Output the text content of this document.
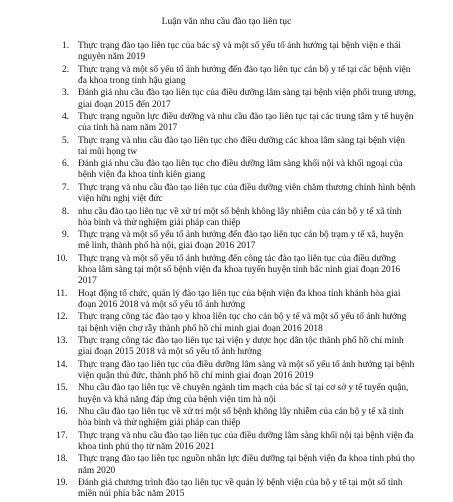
Luận văn nhu cầu đào tạo liên tục
1. Thực trạng đào tạo liên tục của bác sỹ và một số yếu tố ảnh hưởng tại bệnh viện e thái nguyên năm 2019
2. Thực trạng và một số yếu tố ảnh hưởng đến đào tạo liên tục cán bộ y tế tại các bệnh viện đa khoa trong tỉnh hậu giang
3. Đánh giá nhu cầu đào tạo liên tục của điều dưỡng lâm sàng tại bệnh viện phổi trung ương, giai đoạn 2015 đến 2017
4. Thực trạng nguồn lực điều dưỡng và nhu cầu đào tạo liên tục tại các trung tâm y tế huyện của tỉnh hà nam năm 2017
5. Thực trạng và nhu cầu đào tạo liên tục cho điều dưỡng các khoa lâm sàng tại bệnh viện tai mũi họng tw
6. Đánh giá nhu cầu đào tạo liên tục cho điều dưỡng lâm sàng khối nội và khối ngoại của bệnh viện đa khoa tỉnh kiên giang
7. Thực trạng và nhu cầu đào tạo liên tục của điều dưỡng viên chăm thương chỉnh hình bệnh viện hữu nghị việt đức
8. nhu cầu đào tạo liên tục về xử trí một số bệnh không lây nhiễm của cán bộ y tế xã tỉnh hòa bình và thử nghiệm giải pháp can thiệp
9. Thực trạng và một số yếu tố ảnh hưởng đến đào tạo liên tục cán bộ trạm y tế xã, huyện mê linh, thành phố hà nội, giai đoạn 2016 2017
10.	Thực trạng và một số yếu tố ảnh hưởng đến công tác đào tạo liên tục của điều dưỡng khoa lâm sàng tại một số bệnh viện đa khoa tuyến huyện tỉnh bắc ninh giai đoạn 2016 2017
11.	Hoạt động tổ chức, quản lý đào tạo liên tục của bệnh viện đa khoa tỉnh khánh hòa giai đoạn 2016 2018 và một số yếu tố ảnh hưởng
12.	Thực trạng công tác đào tạo y khoa liên tục cho cán bộ y tế và một số yếu tố ảnh hưởng tại bệnh viện chợ rẫy thành phố hồ chí minh giai đoạn 2016 2018
13.	Thực trạng công tác đào tạo liên tục tại viện y dược học dân tộc thành phố hồ chí minh giai đoạn 2015 2018 và một số yếu tố ảnh hưởng
14.	Thực trạng đào tạo liên tục của điều dưỡng lâm sàng và một số yếu tố ảnh hưởng tại bệnh viện quận thủ đức, thành phố hồ chí minh giai đoạn 2016 2019
15.	Nhu cầu đào tạo liên tục về chuyên ngành tim mạch của bác sĩ tại cơ sở y tế tuyến quận, huyện và khả năng đáp ứng của bệnh viện tim hà nội
16.	Nhu cầu đào tạo liên tục về xử trí một số bệnh không lây nhiễm của cán bộ y tế xã tỉnh hòa bình và thử nghiệm giải pháp can thiệp
17.	Thực trạng và nhu cầu đào tạo liên tục của điều dưỡng lâm sàng khối nội tại bệnh viện đa khoa tỉnh phú thọ từ năm 2016 2021
18.	Thực trạng đào tạo liên tục nguồn nhân lực điều dưỡng tại bệnh viện đa khoa tỉnh phú thọ năm 2020
19.	Đánh giá chương trình đào tạo liên tục về quản lý bệnh viện của bộ y tế tại một số tỉnh miền núi phía bắc năm 2015
